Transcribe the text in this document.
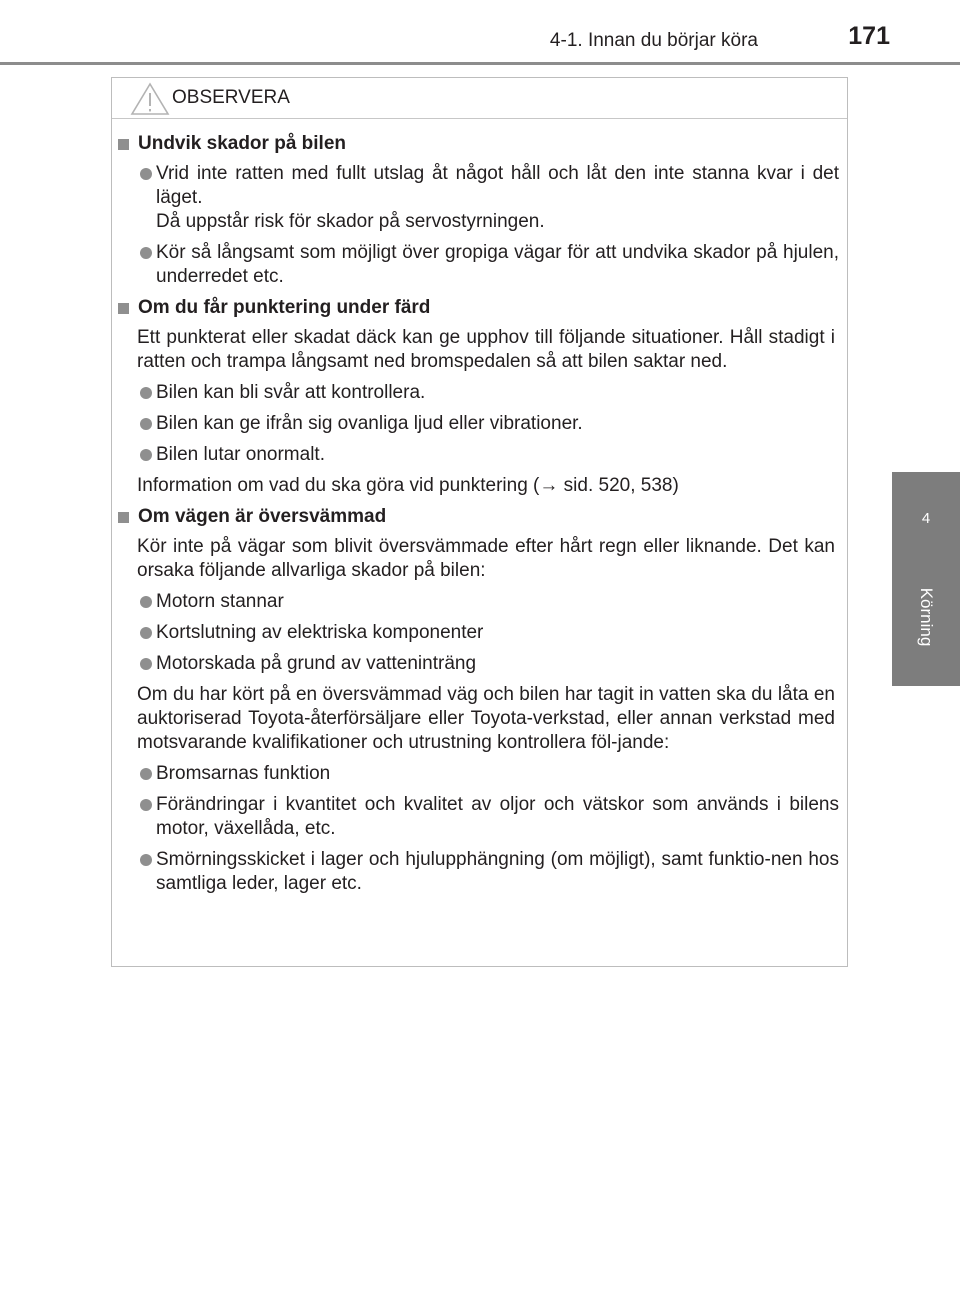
4-1. Innan du börjar köra	171
4
Körning
OBSERVERA
Undvik skador på bilen

Vrid inte ratten med fullt utslag åt något håll och låt den inte stanna kvar i det läget.

Då uppstår risk för skador på servostyrningen.

Kör så långsamt som möjligt över gropiga vägar för att undvika skador på hjulen, underredet etc.

Om du får punktering under färd
Ett punkterat eller skadat däck kan ge upphov till följande situationer. Håll stadigt i ratten och trampa långsamt ned bromspedalen så att bilen saktar ned.

Bilen kan bli svår att kontrollera.

Bilen kan ge ifrån sig ovanliga ljud eller vibrationer.

Bilen lutar onormalt.

Information om vad du ska göra vid punktering (→ sid. 520, 538)
Om vägen är översvämmad
Kör inte på vägar som blivit översvämmade efter hårt regn eller liknande. Det kan orsaka följande allvarliga skador på bilen:

Motorn stannar

Kortslutning av elektriska komponenter

Motorskada på grund av vatteninträng

Om du har kört på en översvämmad väg och bilen har tagit in vatten ska du låta en auktoriserad Toyota-återförsäljare eller Toyota-verkstad, eller annan verkstad med motsvarande kvalifikationer och utrustning kontrollera föl-jande:

Bromsarnas funktion

Förändringar i kvantitet och kvalitet av oljor och vätskor som används i bilens motor, växellåda, etc.

Smörningsskicket i lager och hjulupphängning (om möjligt), samt funktio-nen hos samtliga leder, lager etc.
